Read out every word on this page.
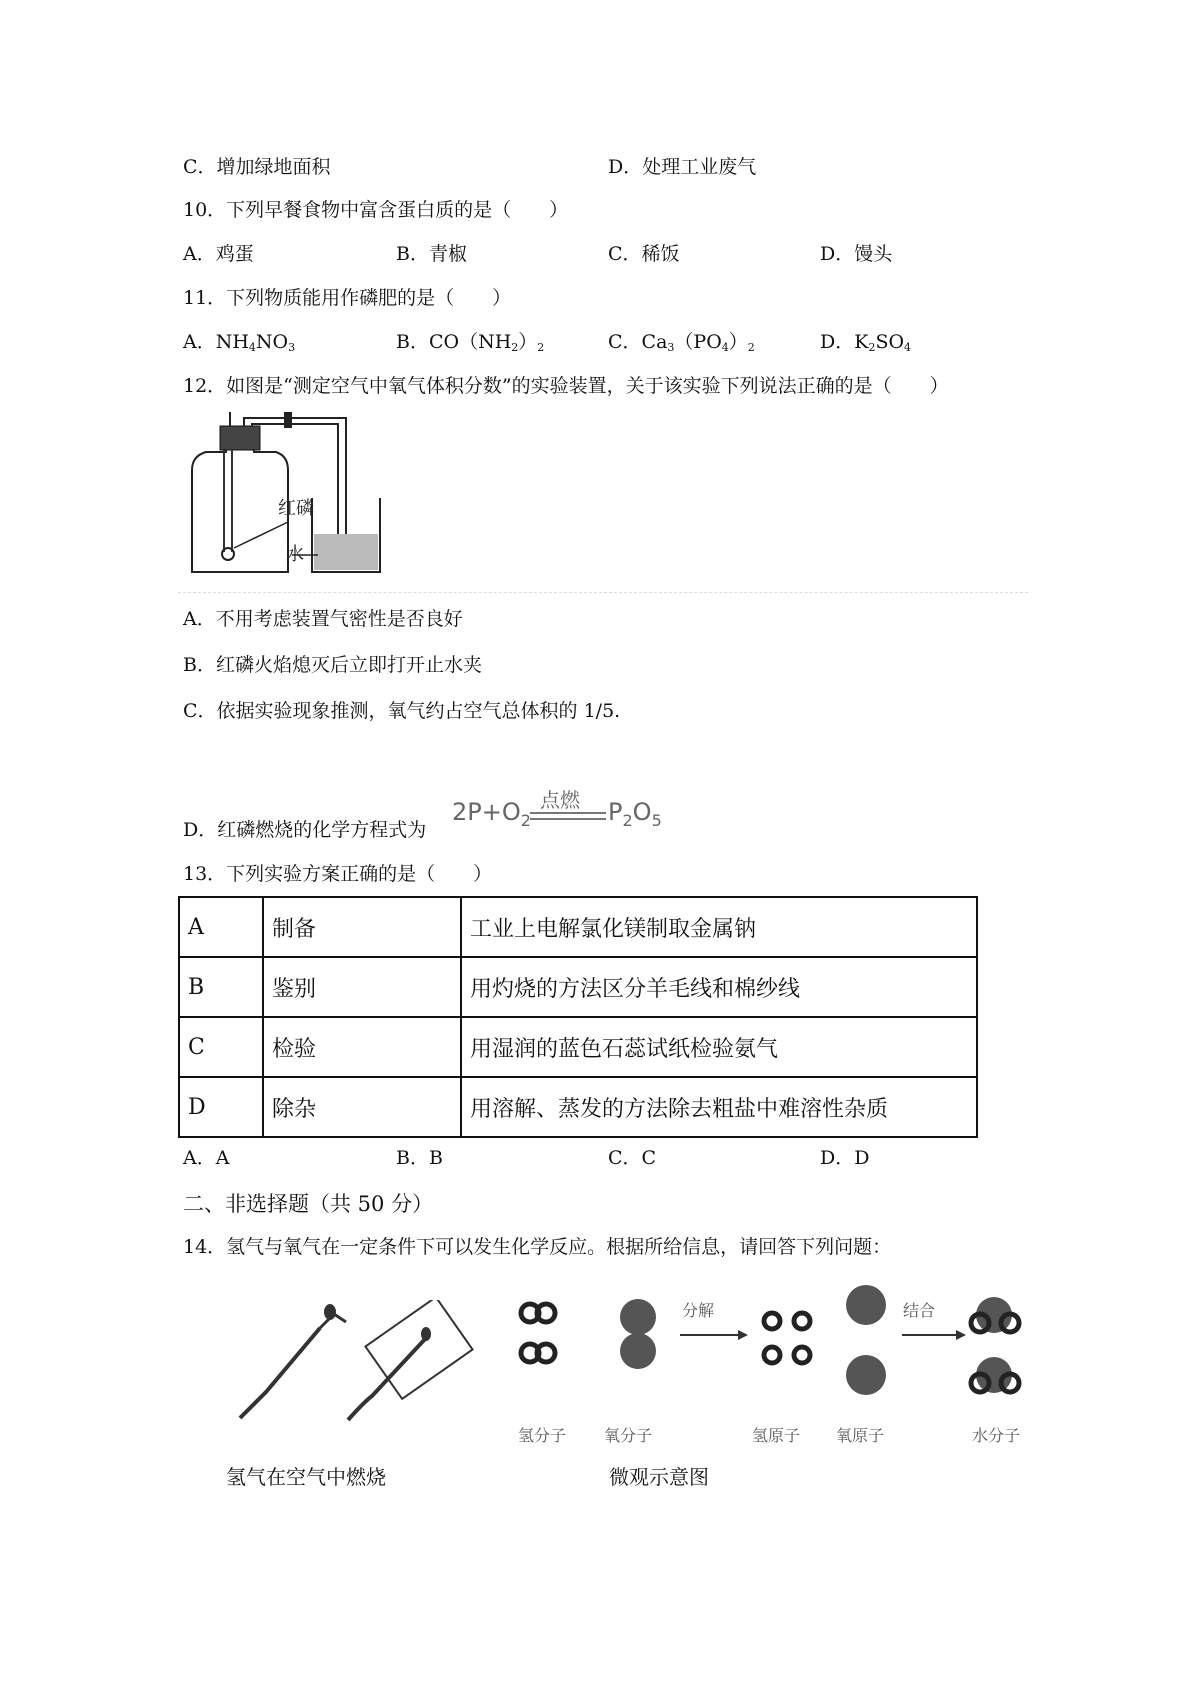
C．增加绿地面积	D．处理工业废气
10．下列早餐食物中富含蛋白质的是（　　）
A．鸡蛋	B．青椒	C．稀饭	D．馒头
11．下列物质能用作磷肥的是（　　）
A．$NH_4NO_3$	B．$CO(NH_2)_2$	C．$Ca_3(PO_4)_2$	D．$K_2SO_4$
12．如图是“测定空气中氧气体积分数”的实验装置，关于该实验下列说法正确的是（　　）
红磷
水
A．不用考虑装置气密性是否良好
B．红磷火焰熄灭后立即打开止水夹
C．依据实验现象推测，氧气约占空气总体积的 1/5.
D．红磷燃烧的化学方程式为
$2P+O_2$
点燃 $P_2O_5$
13．下列实验方案正确的是（　　）
A	制备	工业上电解氯化镁制取金属钠
B	鉴别	用灼烧的方法区分羊毛线和棉纱线
C	检验	用湿润的蓝色石蕊试纸检验氨气
D	除杂	用溶解、蒸发的方法除去粗盐中难溶性杂质
A．A	B．B	C．C	D．D
二、非选择题（共 50 分）
14．氢气与氧气在一定条件下可以发生化学反应。根据所给信息，请回答下列问题：
氢分子 氧分子
分解
氢原子 氧原子
结合
水分子
氢气在空气中燃烧	微观示意图
